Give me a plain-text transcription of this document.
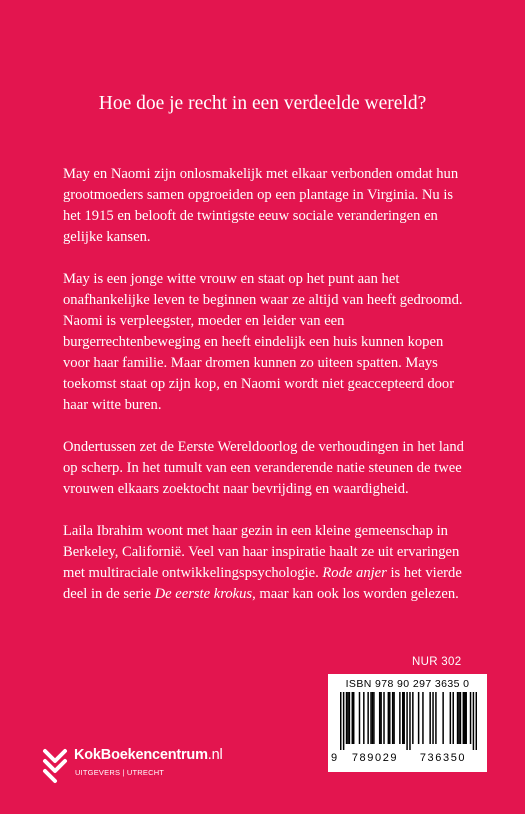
Hoe doe je recht in een verdeelde wereld?

May en Naomi zijn onlosmakelijk met elkaar verbonden omdat hun grootmoeders samen opgroeiden op een plantage in Virginia. Nu is het 1915 en belooft de twintigste eeuw sociale veranderingen en gelijke kansen.

May is een jonge witte vrouw en staat op het punt aan het onafhankelijke leven te beginnen waar ze altijd van heeft gedroomd. Naomi is verpleegster, moeder en leider van een burgerrechtenbeweging en heeft eindelijk een huis kunnen kopen voor haar familie. Maar dromen kunnen zo uiteen spatten. Mays toekomst staat op zijn kop, en Naomi wordt niet geaccepteerd door haar witte buren.

Ondertussen zet de Eerste Wereldoorlog de verhoudingen in het land op scherp. In het tumult van een veranderende natie steunen de twee vrouwen elkaars zoektocht naar bevrijding en waardigheid.

Laila Ibrahim woont met haar gezin in een kleine gemeenschap in Berkeley, Californië. Veel van haar inspiratie haalt ze uit ervaringen met multiraciale ontwikkelingspsychologie. Rode anjer is het vierde deel in de serie De eerste krokus, maar kan ook los worden gelezen.

NUR 302
ISBN 978 90 297 3635 0
9	789029	736350
KokBoekencentrum.nl
UITGEVERS | UTRECHT
